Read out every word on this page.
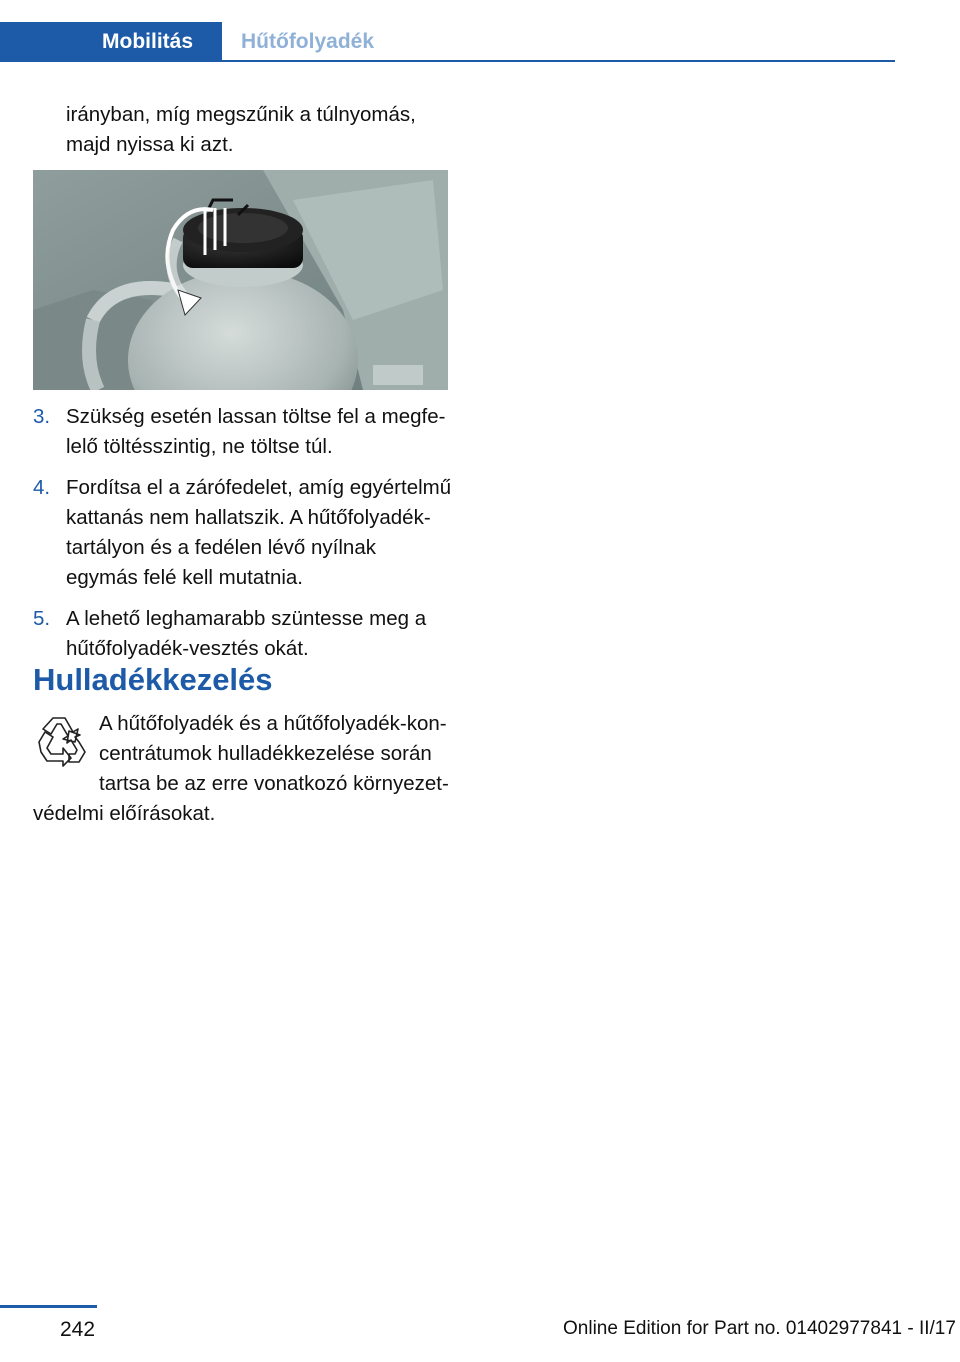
Mobilitás	Hűtőfolyadék

irányban, míg megszűnik a túlnyomás, majd nyissa ki azt.

3. Szükség esetén lassan töltse fel a megfelelő töltésszintig, ne töltse túl.
4. Fordítsa el a zárófedelet, amíg egyértelmű kattanás nem hallatszik. A hűtőfolyadéktartályon és a fedélen lévő nyílnak egymás felé kell mutatnia.
5. A lehető leghamarabb szüntesse meg a hűtőfolyadék-vesztés okát.
Hulladékkezelés
A hűtőfolyadék és a hűtőfolyadék-koncentrátumok hulladékkezelése során tartsa be az erre vonatkozó környezetvédelmi előírásokat.
242	Online Edition for Part no. 01402977841 - II/17
